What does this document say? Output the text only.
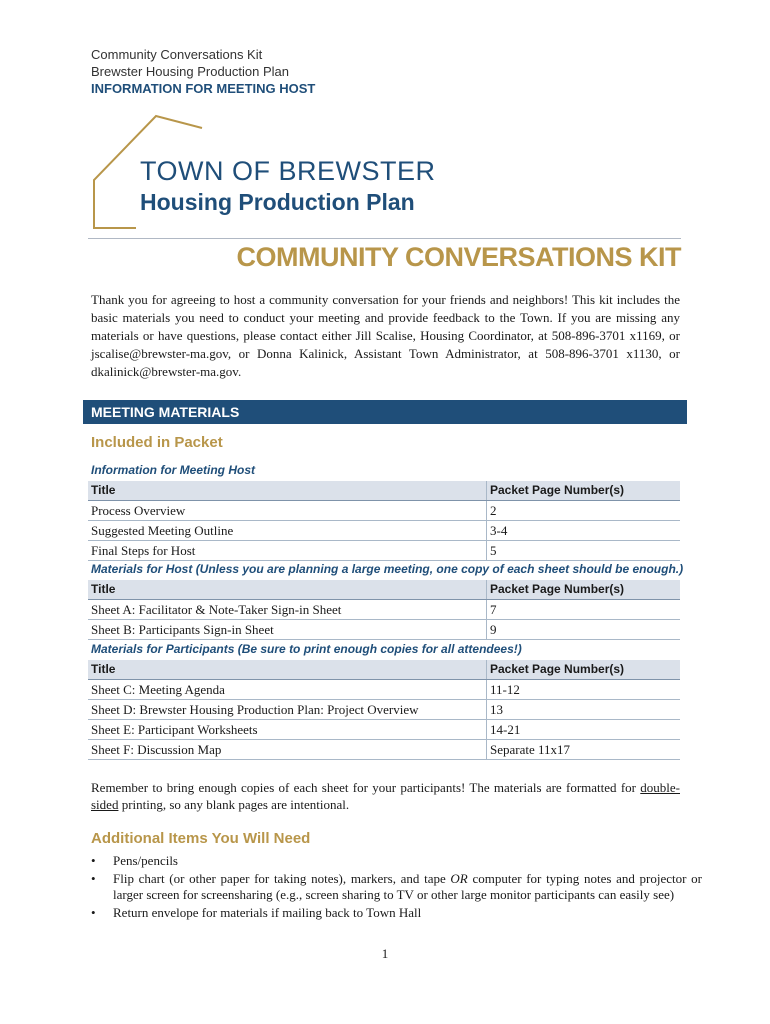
Community Conversations Kit
Brewster Housing Production Plan
INFORMATION FOR MEETING HOST
TOWN OF BREWSTER
Housing Production Plan
COMMUNITY CONVERSATIONS KIT
Thank you for agreeing to host a community conversation for your friends and neighbors! This kit includes the basic materials you need to conduct your meeting and provide feedback to the Town. If you are missing any materials or have questions, please contact either Jill Scalise, Housing Coordinator, at 508-896-3701 x1169, or jscalise@brewster-ma.gov, or Donna Kalinick, Assistant Town Administrator, at 508-896-3701 x1130, or dkalinick@brewster-ma.gov.
MEETING MATERIALS
Included in Packet
Information for Meeting Host
Title	Packet Page Number(s)
Process Overview	2
Suggested Meeting Outline	3-4
Final Steps for Host	5
Materials for Host (Unless you are planning a large meeting, one copy of each sheet should be enough.)
Title	Packet Page Number(s)
Sheet A: Facilitator & Note-Taker Sign-in Sheet	7
Sheet B: Participants Sign-in Sheet	9
Materials for Participants (Be sure to print enough copies for all attendees!)
Title	Packet Page Number(s)
Sheet C: Meeting Agenda	11-12
Sheet D: Brewster Housing Production Plan: Project Overview	13
Sheet E: Participant Worksheets	14-21
Sheet F: Discussion Map	Separate 11x17
Remember to bring enough copies of each sheet for your participants! The materials are formatted for double-sided printing, so any blank pages are intentional.
Additional Items You Will Need
• Pens/pencils
• Flip chart (or other paper for taking notes), markers, and tape OR computer for typing notes and projector or larger screen for screensharing (e.g., screen sharing to TV or other large monitor participants can easily see)
• Return envelope for materials if mailing back to Town Hall
1
